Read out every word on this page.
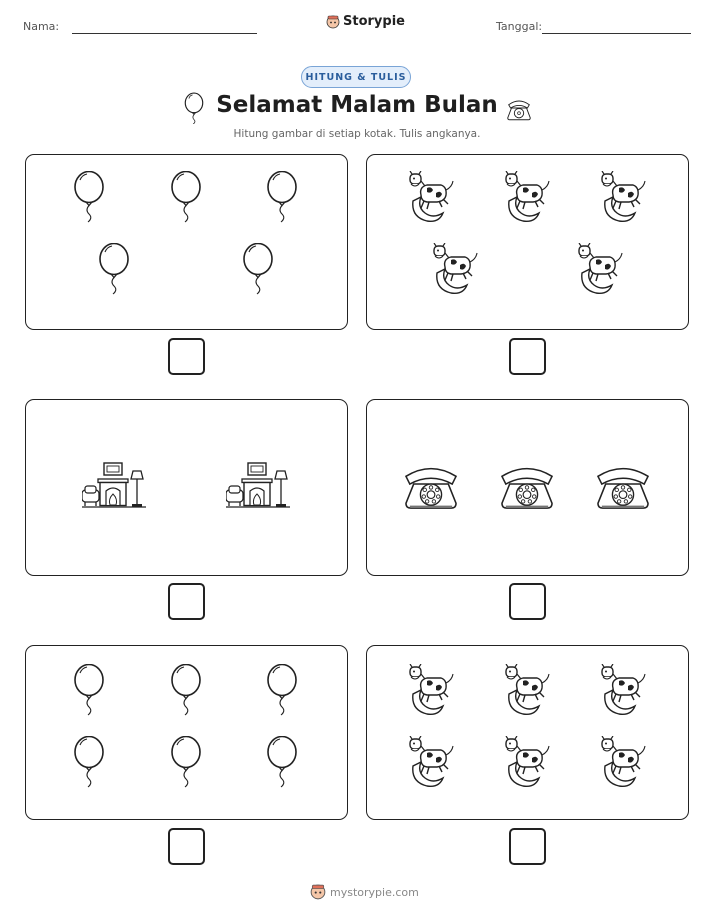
Nama:	Storypie	Tanggal:
HITUNG & TULIS
Selamat Malam Bulan
Hitung gambar di setiap kotak. Tulis angkanya.
mystorypie.com
